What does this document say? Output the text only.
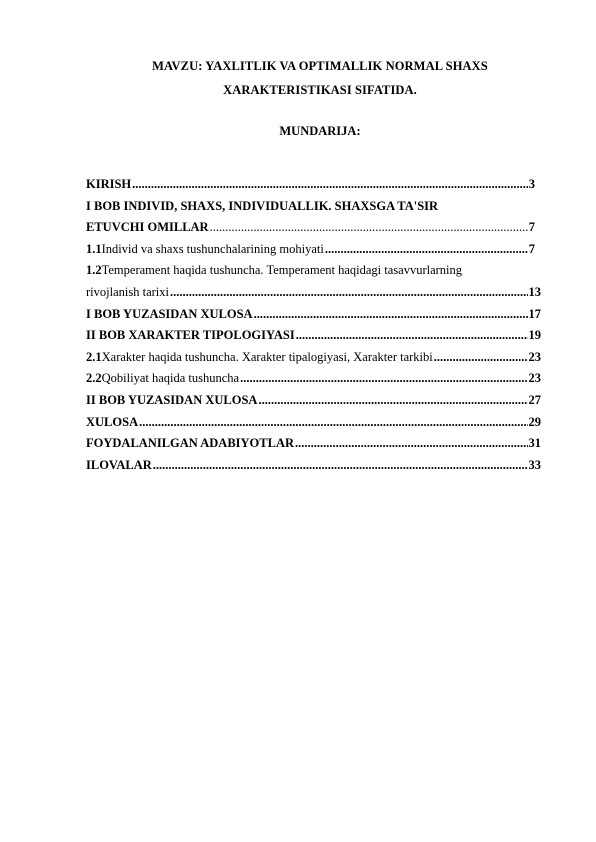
MAVZU: YAXLITLIK VA OPTIMALLIK NORMAL SHAXS
XARAKTERISTIKASI SIFATIDA.
MUNDARIJA:
KIRISH .....	3
I BOB INDIVID, SHAXS, INDIVIDUALLIK. SHAXSGA TA'SIR
ETUVCHI OMILLAR .....	7
1.1 Individ va shaxs tushunchalarining mohiyati .....	7
1.2 Temperament haqida tushuncha. Temperament haqidagi tasavvurlarning
rivojlanish tarixi .....	13
I BOB YUZASIDAN XULOSA .....	17
II BOB XARAKTER TIPOLOGIYASI .....	19
2.1 Xarakter haqida tushuncha. Xarakter tipalogiyasi, Xarakter tarkibi .....	23
2.2 Qobiliyat haqida tushuncha .....	23
II BOB YUZASIDAN XULOSA .....	27
XULOSA .....	29
FOYDALANILGAN ADABIYOTLAR .....	31
ILOVALAR .....	33
